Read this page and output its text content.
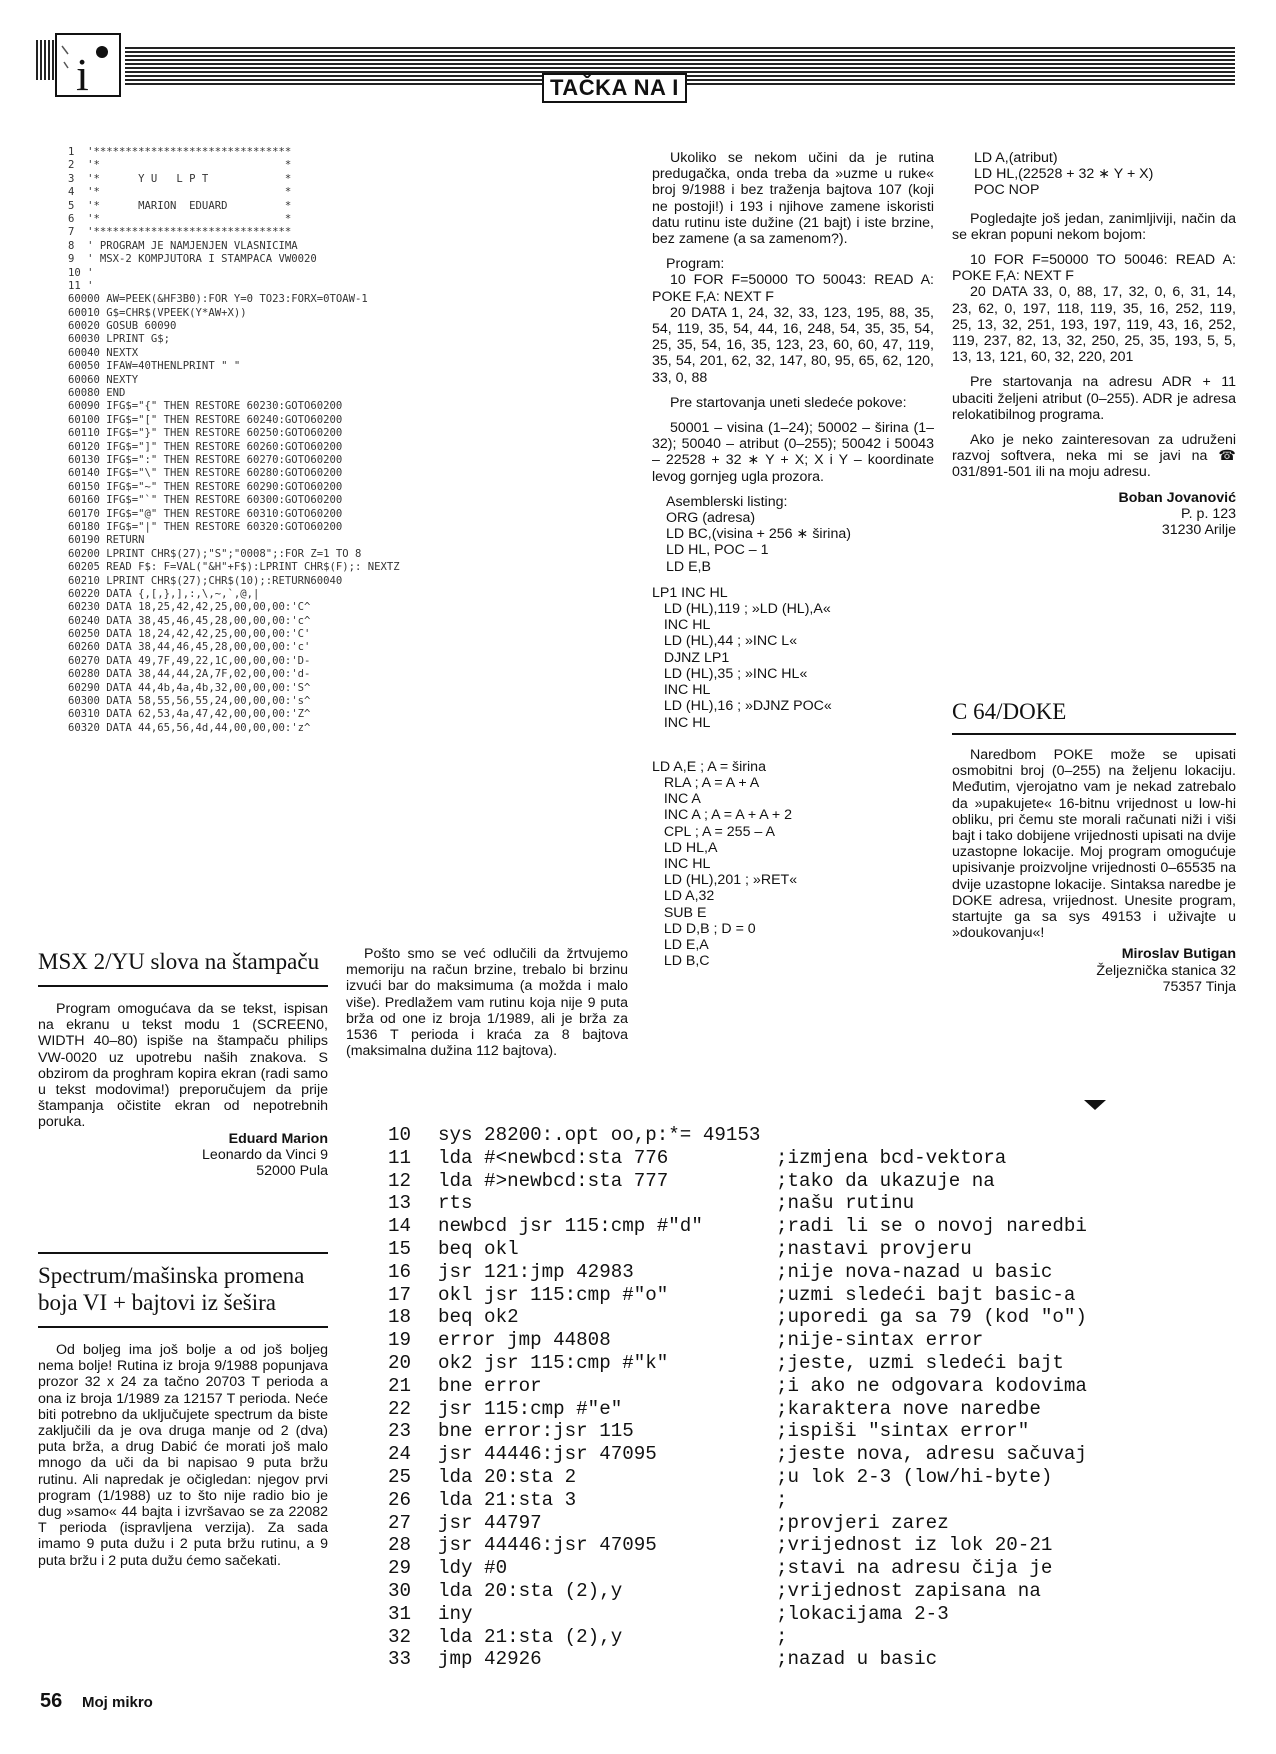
i	TAČKA NA I
1  '*******************************
2  '*                             *
3  '*      Y U   L P T            *
4  '*                             *
5  '*      MARION  EDUARD         *
6  '*                             *
7  '*******************************
8  ' PROGRAM JE NAMJENJEN VLASNICIMA
9  ' MSX-2 KOMPJUTORA I STAMPACA VW0020
10 '
11 '
60000 AW=PEEK(&HF3B0):FOR Y=0 TO23:FORX=0TOAW-1
60010 G$=CHR$(VPEEK(Y*AW+X))
60020 GOSUB 60090
60030 LPRINT G$;
60040 NEXTX
60050 IFAW=40THENLPRINT " "
60060 NEXTY
60080 END
60090 IFG$="{" THEN RESTORE 60230:GOTO60200
60100 IFG$="[" THEN RESTORE 60240:GOTO60200
60110 IFG$="}" THEN RESTORE 60250:GOTO60200
60120 IFG$="]" THEN RESTORE 60260:GOTO60200
60130 IFG$=":" THEN RESTORE 60270:GOTO60200
60140 IFG$="\" THEN RESTORE 60280:GOTO60200
60150 IFG$="~" THEN RESTORE 60290:GOTO60200
60160 IFG$="`" THEN RESTORE 60300:GOTO60200
60170 IFG$="@" THEN RESTORE 60310:GOTO60200
60180 IFG$="|" THEN RESTORE 60320:GOTO60200
60190 RETURN
60200 LPRINT CHR$(27);"S";"0008";:FOR Z=1 TO 8
60205 READ F$: F=VAL("&H"+F$):LPRINT CHR$(F);: NEXTZ
60210 LPRINT CHR$(27);CHR$(10);:RETURN60040
60220 DATA {,[,},],:,\,~,`,@,|
60230 DATA 18,25,42,42,25,00,00,00:'C^
60240 DATA 38,45,46,45,28,00,00,00:'c^
60250 DATA 18,24,42,42,25,00,00,00:'C'
60260 DATA 38,44,46,45,28,00,00,00:'c'
60270 DATA 49,7F,49,22,1C,00,00,00:'D-
60280 DATA 38,44,44,2A,7F,02,00,00:'d-
60290 DATA 44,4b,4a,4b,32,00,00,00:'S^
60300 DATA 58,55,56,55,24,00,00,00:'s^
60310 DATA 62,53,4a,47,42,00,00,00:'Z^
60320 DATA 44,65,56,4d,44,00,00,00:'z^
MSX 2/YU slova na štampaču

Program omogućava da se tekst, ispisan na ekranu u tekst modu 1 (SCREEN0, WIDTH 40–80) ispiše na štampaču philips VW-0020 uz upotrebu naših znakova. S obzirom da proghram kopira ekran (radi samo u tekst modovima!) preporučujem da prije štampanja očistite ekran od nepotrebnih poruka.

Eduard Marion

Leonardo da Vinci 9

52000 Pula

Spectrum/mašinska promena boja VI + bajtovi iz šešira

Od boljeg ima još bolje a od još boljeg nema bolje! Rutina iz broja 9/1988 popunjava prozor 32 x 24 za tačno 20703 T perioda a ona iz broja 1/1989 za 12157 T perioda. Neće biti potrebno da uključujete spectrum da biste zaključili da je ova druga manje od 2 (dva) puta brža, a drug Dabić će morati još malo mnogo da uči da bi napisao 9 puta bržu rutinu. Ali napredak je očigledan: njegov prvi program (1/1988) uz to što nije radio bio je dug »samo« 44 bajta i izvršavao se za 22082 T perioda (ispravljena verzija). Za sada imamo 9 puta dužu i 2 puta bržu rutinu, a 9 puta bržu i 2 puta dužu ćemo sačekati.

Pošto smo se već odlučili da žrtvujemo memoriju na račun brzine, trebalo bi brzinu izvući bar do maksimuma (a možda i malo više). Predlažem vam rutinu koja nije 9 puta brža od one iz broja 1/1989, ali je brža za 1536 T perioda i kraća za 8 bajtova (maksimalna dužina 112 bajtova).

Ukoliko se nekom učini da je rutina predugačka, onda treba da »uzme u ruke« broj 9/1988 i bez traženja bajtova 107 (koji ne postoji!) i 193 i njihove zamene iskoristi datu rutinu iste dužine (21 bajt) i iste brzine, bez zamene (a sa zamenom?).

Program:

10 FOR F=50000 TO 50043: READ A: POKE F,A: NEXT F

20 DATA 1, 24, 32, 33, 123, 195, 88, 35, 54, 119, 35, 54, 44, 16, 248, 54, 35, 35, 54, 25, 35, 54, 16, 35, 123, 23, 60, 60, 47, 119, 35, 54, 201, 62, 32, 147, 80, 95, 65, 62, 120, 33, 0, 88

Pre startovanja uneti sledeće pokove:

50001 – visina (1–24); 50002 – širina (1–32); 50040 – atribut (0–255); 50042 i 50043 – 22528 + 32 ∗ Y + X; X i Y – koordinate levog gornjeg ugla prozora.

Asemblerski listing:

ORG (adresa)
LD BC,(visina + 256 ∗ širina)
LD HL, POC – 1
LD E,B
LP1 INC HL
LD (HL),119 ; »LD (HL),A«
INC HL
LD (HL),44 ; »INC L«
DJNZ LP1
LD (HL),35 ; »INC HL«
INC HL
LD (HL),16 ; »DJNZ POC«
INC HL
LD A,E ; A = širina
RLA ; A = A + A
INC A
INC A ; A = A + A + 2
CPL ; A = 255 – A
LD HL,A
INC HL
LD (HL),201 ; »RET«
LD A,32
SUB E
LD D,B ; D = 0
LD E,A
LD B,C
LD A,(atribut)
LD HL,(22528 + 32 ∗ Y + X)
POC NOP

Pogledajte još jedan, zanimljiviji, način da se ekran popuni nekom bojom:

10 FOR F=50000 TO 50046: READ A: POKE F,A: NEXT F

20 DATA 33, 0, 88, 17, 32, 0, 6, 31, 14, 23, 62, 0, 197, 118, 119, 35, 16, 252, 119, 25, 13, 32, 251, 193, 197, 119, 43, 16, 252, 119, 237, 82, 13, 32, 250, 25, 35, 193, 5, 5, 13, 13, 121, 60, 32, 220, 201

Pre startovanja na adresu ADR + 11 ubaciti željeni atribut (0–255). ADR je adresa relokatibilnog programa.

Ako je neko zainteresovan za udruženi razvoj softvera, neka mi se javi na ☎ 031/891-501 ili na moju adresu.

Boban Jovanović

P. p. 123

31230 Arilje

C 64/DOKE

Naredbom POKE može se upisati osmobitni broj (0–255) na željenu lokaciju. Međutim, vjerojatno vam je nekad zatrebalo da »upakujete« 16-bitnu vrijednost u low-hi obliku, pri čemu ste morali računati niži i viši bajt i tako dobijene vrijednosti upisati na dvije uzastopne lokacije. Moj program omogućuje upisivanje proizvoljne vrijednosti 0–65535 na dvije uzastopne lokacije. Sintaksa naredbe je DOKE adresa, vrijednost. Unesite program, startujte ga sa sys 49153 i uživajte u »doukovanju«!

Miroslav Butigan

Željeznička stanica 32

75357 Tinja

10	sys 28200:.opt oo,p:*= 49153
11	lda #<newbcd:sta 776	;izmjena bcd-vektora
12	lda #>newbcd:sta 777	;tako da ukazuje na
13	rts	;našu rutinu
14	newbcd jsr 115:cmp #"d"	;radi li se o novoj naredbi
15	beq okl	;nastavi provjeru
16	jsr 121:jmp 42983	;nije nova-nazad u basic
17	okl jsr 115:cmp #"o"	;uzmi sledeći bajt basic-a
18	beq ok2	;uporedi ga sa 79 (kod "o")
19	error jmp 44808	;nije-sintax error
20	ok2 jsr 115:cmp #"k"	;jeste, uzmi sledeći bajt
21	bne error	;i ako ne odgovara kodovima
22	jsr 115:cmp #"e"	;karaktera nove naredbe
23	bne error:jsr 115	;ispiši "sintax error"
24	jsr 44446:jsr 47095	;jeste nova, adresu sačuvaj
25	lda 20:sta 2	;u lok 2-3 (low/hi-byte)
26	lda 21:sta 3	;
27	jsr 44797	;provjeri zarez
28	jsr 44446:jsr 47095	;vrijednost iz lok 20-21
29	ldy #0	;stavi na adresu čija je
30	lda 20:sta (2),y	;vrijednost zapisana na
31	iny	;lokacijama 2-3
32	lda 21:sta (2),y	;
33	jmp 42926	;nazad u basic
56 Moj mikro
